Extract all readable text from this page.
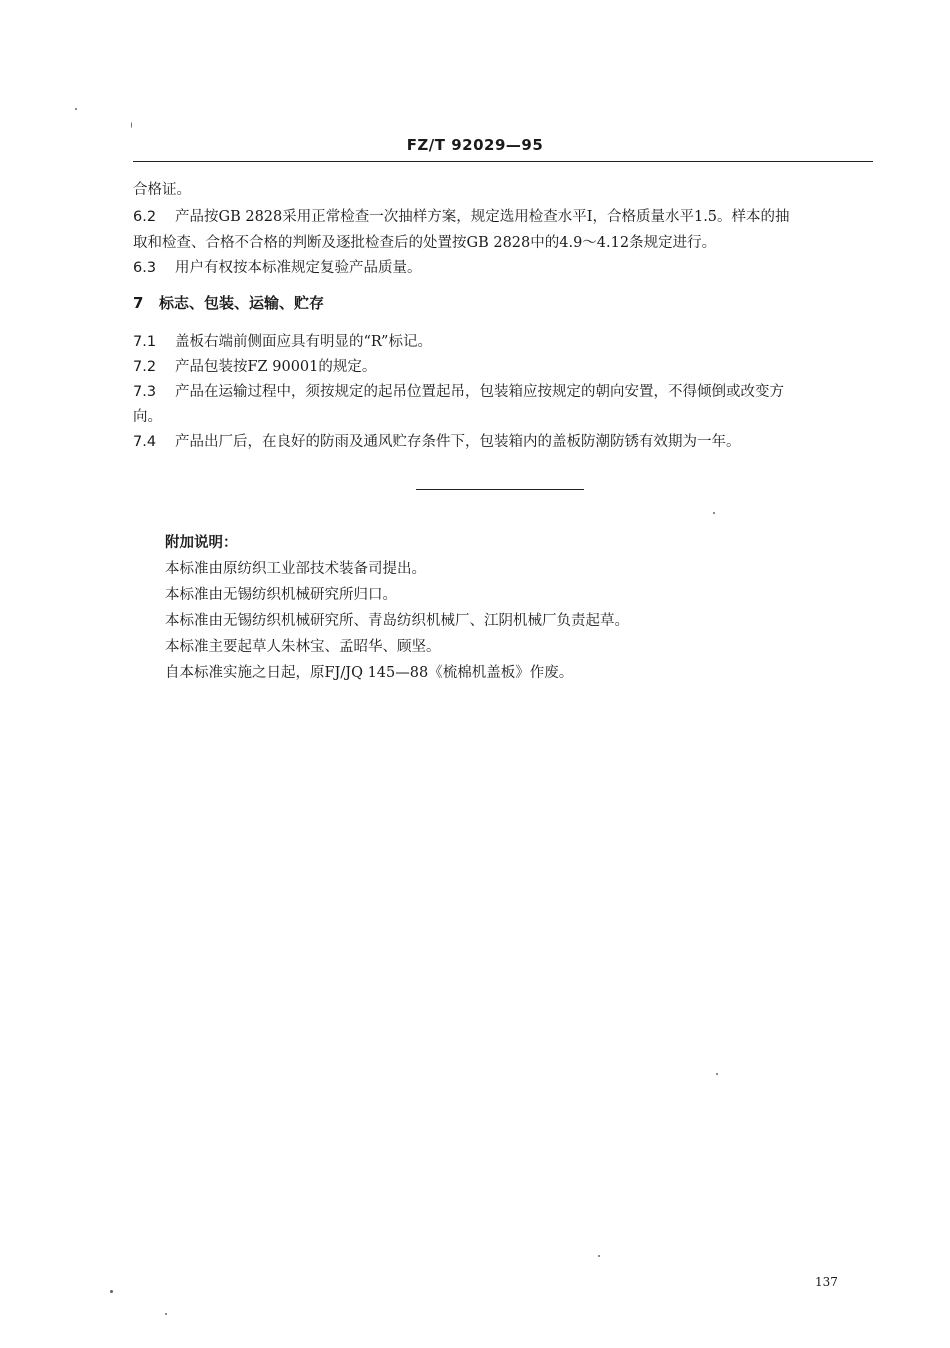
FZ/T 92029—95
合格证。
6.2 产品按GB 2828采用正常检查一次抽样方案，规定选用检查水平Ⅰ，合格质量水平1.5。样本的抽
取和检查、合格不合格的判断及逐批检查后的处置按GB 2828中的4.9～4.12条规定进行。
6.3 用户有权按本标准规定复验产品质量。
7 标志、包装、运输、贮存
7.1 盖板右端前侧面应具有明显的“R”标记。
7.2 产品包装按FZ 90001的规定。
7.3 产品在运输过程中，须按规定的起吊位置起吊，包装箱应按规定的朝向安置，不得倾倒或改变方
向。
7.4 产品出厂后，在良好的防雨及通风贮存条件下，包装箱内的盖板防潮防锈有效期为一年。
附加说明：
本标准由原纺织工业部技术装备司提出。
本标准由无锡纺织机械研究所归口。
本标准由无锡纺织机械研究所、青岛纺织机械厂、江阴机械厂负责起草。
本标准主要起草人朱林宝、孟昭华、顾坚。
自本标准实施之日起，原FJ/JQ 145—88《梳棉机盖板》作废。
137
